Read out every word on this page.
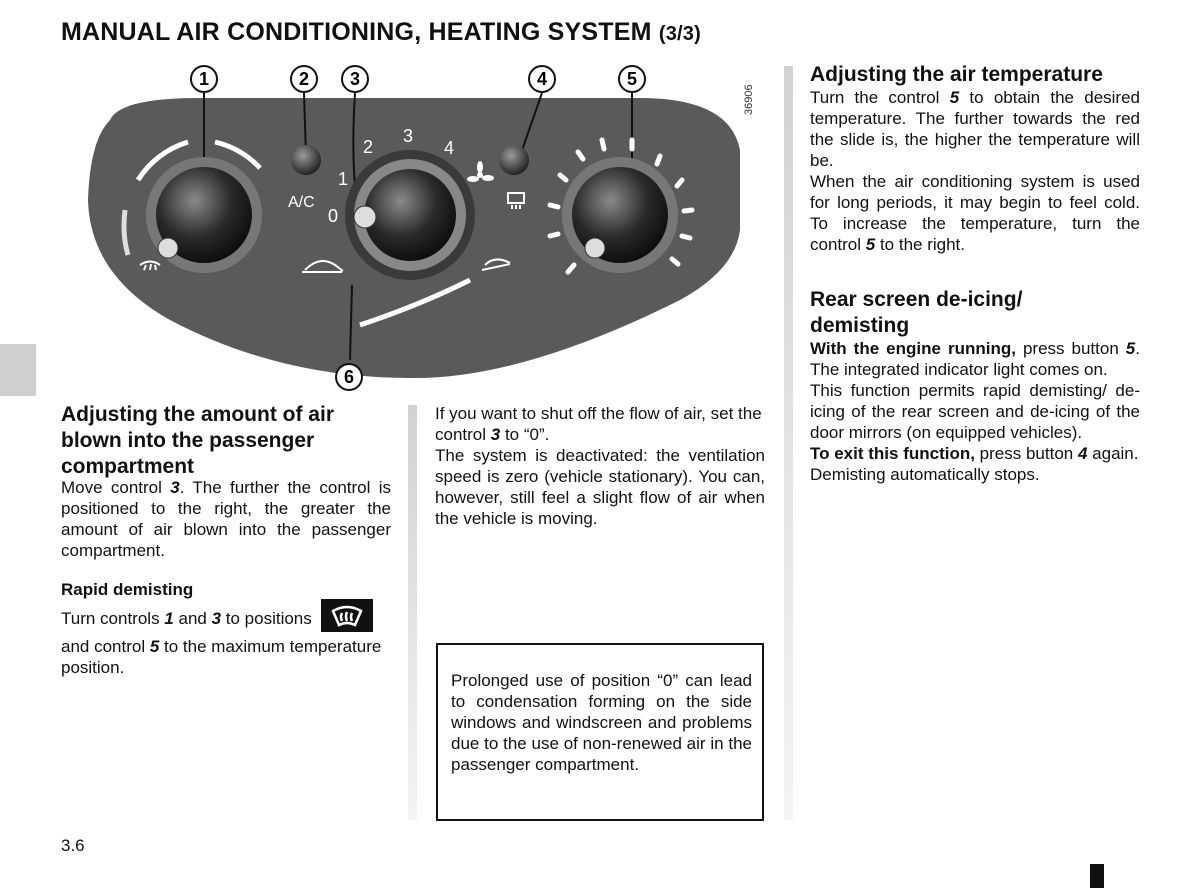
MANUAL AIR CONDITIONING, HEATING SYSTEM (3/3)
0
1
2
3
4
A/C
36906
1	2 3	4	5
6
Adjusting the amount of air blown into the passenger compartment

Move control 3. The further the control is positioned to the right, the greater the amount of air blown into the passenger compartment.

Rapid demisting

Turn controls 1 and 3 to positions
and control 5 to the maximum temperature position.

If you want to shut off the flow of air, set the control 3 to “0”.

The system is deactivated: the ventilation speed is zero (vehicle stationary). You can, however, still feel a slight flow of air when the vehicle is moving.

Prolonged use of position “0” can lead to condensation forming on the side windows and windscreen and problems due to the use of non-renewed air in the passenger compartment.

Adjusting the air temperature

Turn the control 5 to obtain the desired temperature. The further towards the red the slide is, the higher the temperature will be.

When the air conditioning system is used for long periods, it may begin to feel cold. To increase the temperature, turn the control 5 to the right.

Rear screen de-icing/ demisting

With the engine running, press button 5. The integrated indicator light comes on.

This function permits rapid demisting/ de-icing of the rear screen and de-icing of the door mirrors (on equipped vehicles).

To exit this function, press button 4 again.

Demisting automatically stops.

3.6
